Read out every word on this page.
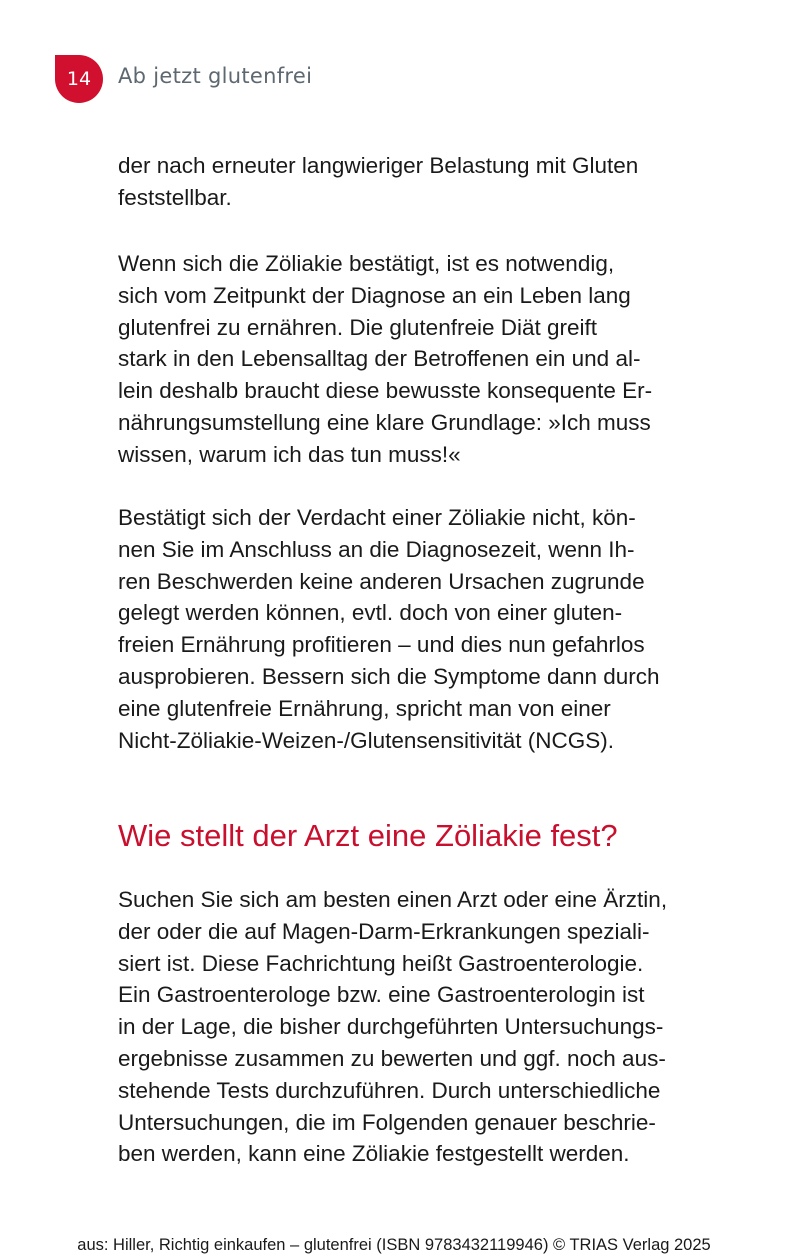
14	Ab jetzt glutenfrei
der nach erneuter langwieriger Belastung mit Gluten
feststellbar.
Wenn sich die Zöliakie bestätigt, ist es notwendig,
sich vom Zeitpunkt der Diagnose an ein Leben lang
glutenfrei zu ernähren. Die glutenfreie Diät greift
stark in den Lebensalltag der Betroffenen ein und al-
lein deshalb braucht diese bewusste konsequente Er-
nährungsumstellung eine klare Grundlage: »Ich muss
wissen, warum ich das tun muss!«
Bestätigt sich der Verdacht einer Zöliakie nicht, kön-
nen Sie im Anschluss an die Diagnosezeit, wenn Ih-
ren Beschwerden keine anderen Ursachen zugrunde
gelegt werden können, evtl. doch von einer gluten-
freien Ernährung profitieren – und dies nun gefahrlos
ausprobieren. Bessern sich die Symptome dann durch
eine glutenfreie Ernährung, spricht man von einer
Nicht-Zöliakie-Weizen-/Glutensensitivität (NCGS).
Wie stellt der Arzt eine Zöliakie fest?
Suchen Sie sich am besten einen Arzt oder eine Ärztin,
der oder die auf Magen-Darm-Erkrankungen speziali-
siert ist. Diese Fachrichtung heißt Gastroenterologie.
Ein Gastroenterologe bzw. eine Gastroenterologin ist
in der Lage, die bisher durchgeführten Untersuchungs-
ergebnisse zusammen zu bewerten und ggf. noch aus-
stehende Tests durchzuführen. Durch unterschiedliche
Untersuchungen, die im Folgenden genauer beschrie-
ben werden, kann eine Zöliakie festgestellt werden.
aus: Hiller, Richtig einkaufen – glutenfrei (ISBN 9783432119946) © TRIAS Verlag 2025
